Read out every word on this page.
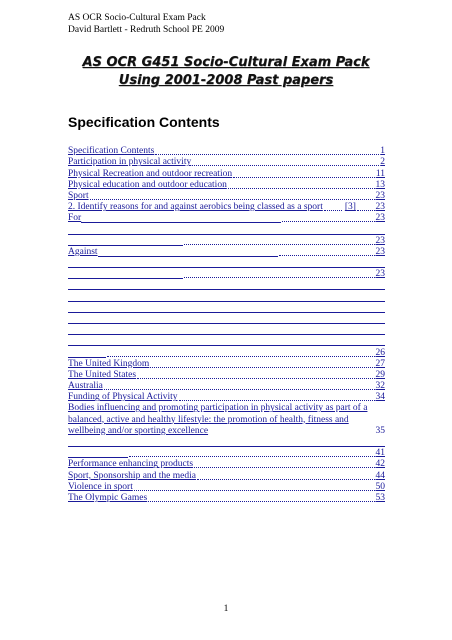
AS OCR Socio-Cultural Exam Pack
David Bartlett - Redruth School PE 2009
AS OCR G451 Socio-Cultural Exam Pack
Using 2001-2008 Past papers
Specification Contents
Specification Contents	1
Participation in physical activity	2
Physical Recreation and outdoor recreation	11
Physical education and outdoor education	13
Sport	23
2. Identify reasons for and against aerobics being classed as a sport [3] 23
For	23
23
Against	23
23
26
The United Kingdom	27
The United States	29
Australia	32
Funding of Physical Activity	34
Bodies influencing and promoting participation in physical activity as part of a balanced, active and healthy lifestyle: the promotion of health, fitness and wellbeing and/or sporting excellence	35
41
Performance enhancing products	42
Sport, Sponsorship and the media	44
Violence in sport	50
The Olympic Games	53
1
